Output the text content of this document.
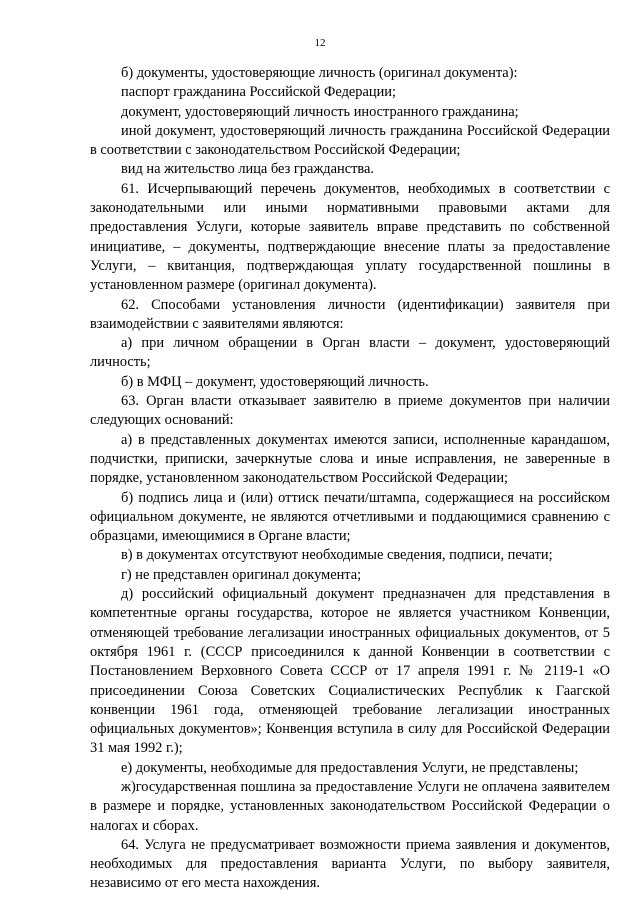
12

б) документы, удостоверяющие личность (оригинал документа):

паспорт гражданина Российской Федерации;

документ, удостоверяющий личность иностранного гражданина;

иной документ, удостоверяющий личность гражданина Российской Федерации в соответствии с законодательством Российской Федерации;

вид на жительство лица без гражданства.

61. Исчерпывающий перечень документов, необходимых в соответствии с законодательными или иными нормативными правовыми актами для предоставления Услуги, которые заявитель вправе представить по собственной инициативе, – документы, подтверждающие внесение платы за предоставление Услуги, – квитанция, подтверждающая уплату государственной пошлины в установленном размере (оригинал документа).

62. Способами установления личности (идентификации) заявителя при взаимодействии с заявителями являются:

а) при личном обращении в Орган власти – документ, удостоверяющий личность;

б) в МФЦ – документ, удостоверяющий личность.

63. Орган власти отказывает заявителю в приеме документов при наличии следующих оснований:

а) в представленных документах имеются записи, исполненные карандашом, подчистки, приписки, зачеркнутые слова и иные исправления, не заверенные в порядке, установленном законодательством Российской Федерации;

б) подпись лица и (или) оттиск печати/штампа, содержащиеся на российском официальном документе, не являются отчетливыми и поддающимися сравнению с образцами, имеющимися в Органе власти;

в) в документах отсутствуют необходимые сведения, подписи, печати;

г) не представлен оригинал документа;

д) российский официальный документ предназначен для представления в компетентные органы государства, которое не является участником Конвенции, отменяющей требование легализации иностранных официальных документов, от 5 октября 1961 г. (СССР присоединился к данной Конвенции в соответствии с Постановлением Верховного Совета СССР от 17 апреля 1991 г. № 2119-1 «О присоединении Союза Советских Социалистических Республик к Гаагской конвенции 1961 года, отменяющей требование легализации иностранных официальных документов»; Конвенция вступила в силу для Российской Федерации 31 мая 1992 г.);

е) документы, необходимые для предоставления Услуги, не представлены;

ж)государственная пошлина за предоставление Услуги не оплачена заявителем в размере и порядке, установленных законодательством Российской Федерации о налогах и сборах.

64. Услуга не предусматривает возможности приема заявления и документов, необходимых для предоставления варианта Услуги, по выбору заявителя, независимо от его места нахождения.
